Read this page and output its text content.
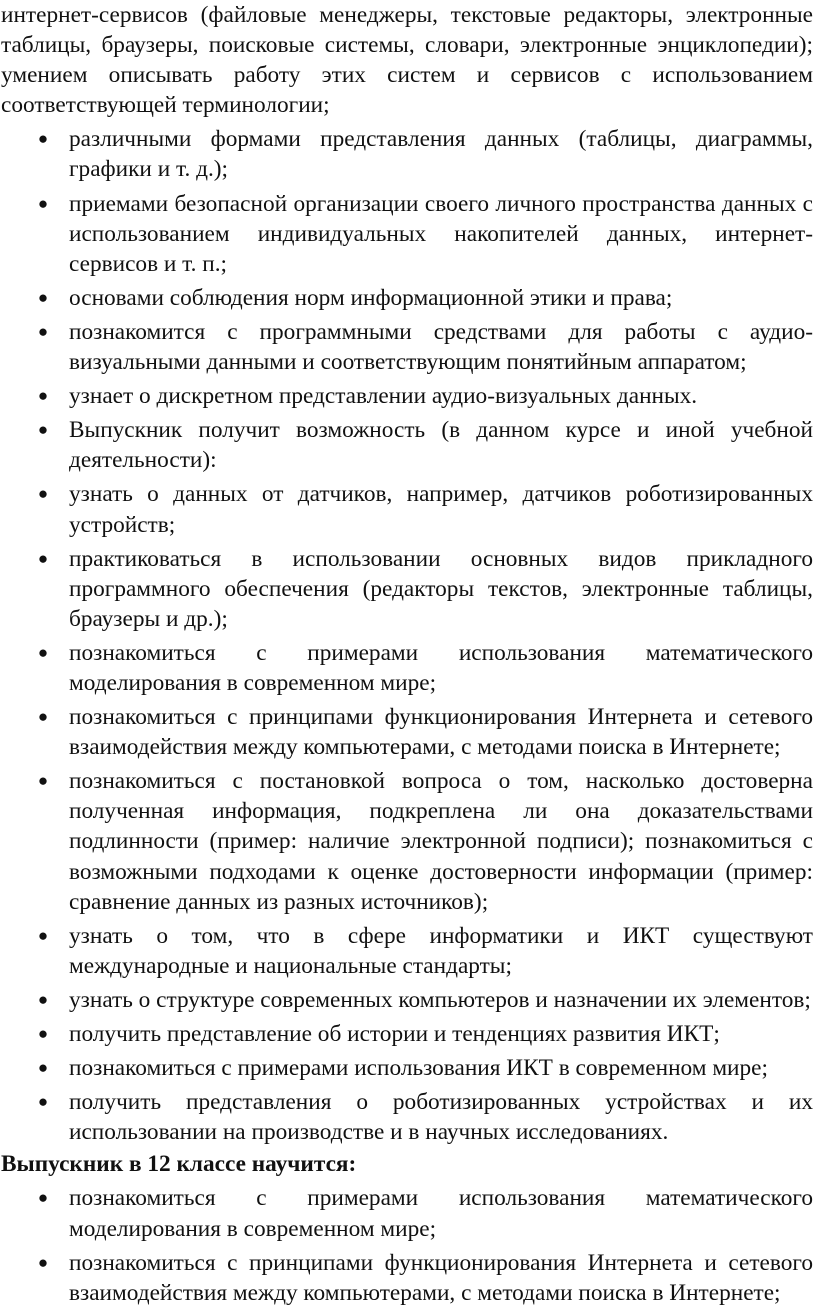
интернет-сервисов (файловые менеджеры, текстовые редакторы, электронные таблицы, браузеры, поисковые системы, словари, электронные энциклопедии); умением описывать работу этих систем и сервисов с использованием соответствующей терминологии;

● различными формами представления данных (таблицы, диаграммы, графики и т. д.);
● приемами безопасной организации своего личного пространства данных с использованием индивидуальных накопителей данных, интернет-сервисов и т. п.;
● основами соблюдения норм информационной этики и права;
● познакомится с программными средствами для работы с аудио-визуальными данными и соответствующим понятийным аппаратом;
● узнает о дискретном представлении аудио-визуальных данных.
● Выпускник получит возможность (в данном курсе и иной учебной деятельности):
● узнать о данных от датчиков, например, датчиков роботизированных устройств;
● практиковаться в использовании основных видов прикладного программного обеспечения (редакторы текстов, электронные таблицы, браузеры и др.);
● познакомиться с примерами использования математического моделирования в современном мире;
● познакомиться с принципами функционирования Интернета и сетевого взаимодействия между компьютерами, с методами поиска в Интернете;
● познакомиться с постановкой вопроса о том, насколько достоверна полученная информация, подкреплена ли она доказательствами подлинности (пример: наличие электронной подписи); познакомиться с возможными подходами к оценке достоверности информации (пример: сравнение данных из разных источников);
● узнать о том, что в сфере информатики и ИКТ существуют международные и национальные стандарты;
● узнать о структуре современных компьютеров и назначении их элементов;
● получить представление об истории и тенденциях развития ИКТ;
● познакомиться с примерами использования ИКТ в современном мире;
● получить представления о роботизированных устройствах и их использовании на производстве и в научных исследованиях.
Выпускник в 12 классе научится:
● познакомиться с примерами использования математического моделирования в современном мире;
● познакомиться с принципами функционирования Интернета и сетевого взаимодействия между компьютерами, с методами поиска в Интернете;
